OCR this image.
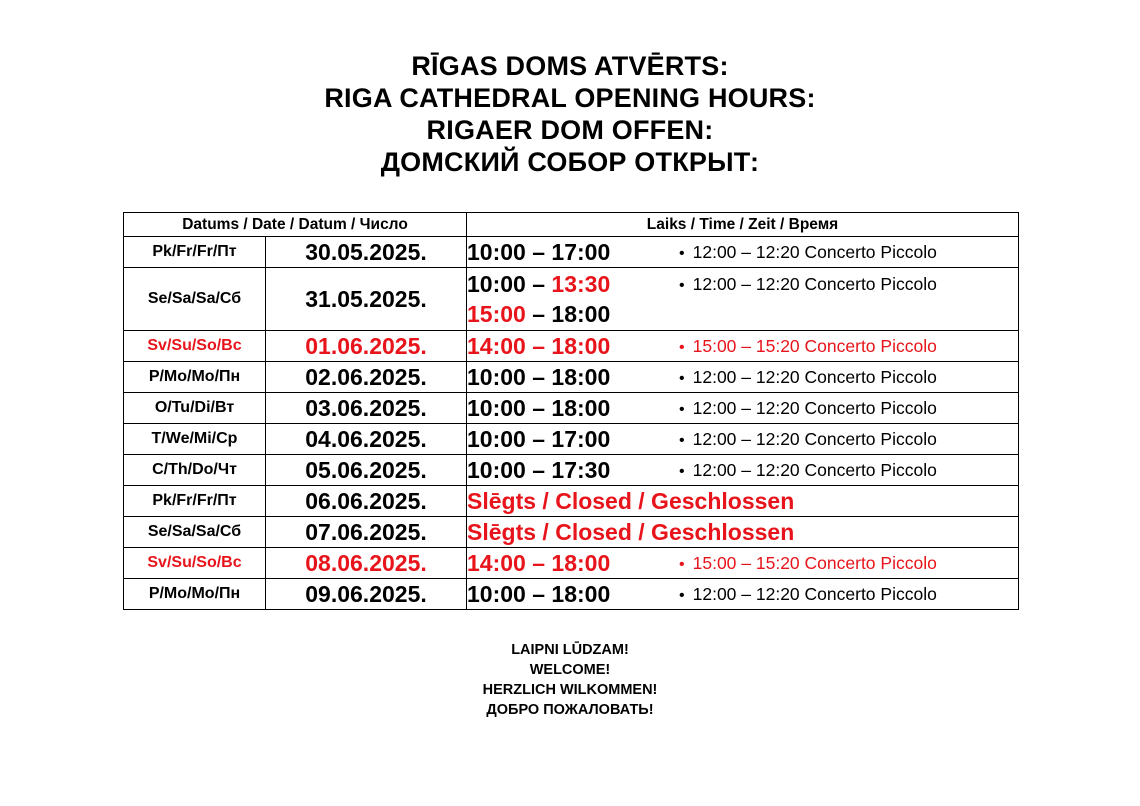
RĪGAS DOMS ATVĒRTS:
RIGA CATHEDRAL OPENING HOURS:
RIGAER DOM OFFEN:
ДОМСКИЙ СОБОР ОТКРЫТ:
Datums / Date / Datum / Число		Laiks / Time / Zeit / Время
Pk/Fr/Fr/Пт	30.05.2025.	10:00 – 17:00 • 12:00 – 12:20 Concerto Piccolo

Se/Sa/Sa/Сб	31.05.2025.	10:00 – 13:30 • 12:00 – 12:20 Concerto Piccolo
15:00 – 18:00

Sv/Su/So/Вс	01.06.2025.	14:00 – 18:00 • 15:00 – 15:20 Concerto Piccolo

P/Mo/Mo/Пн	02.06.2025.	10:00 – 18:00 • 12:00 – 12:20 Concerto Piccolo

O/Tu/Di/Вт	03.06.2025.	10:00 – 18:00 • 12:00 – 12:20 Concerto Piccolo

T/We/Mi/Ср	04.06.2025.	10:00 – 17:00 • 12:00 – 12:20 Concerto Piccolo

C/Th/Do/Чт	05.06.2025.	10:00 – 17:30 • 12:00 – 12:20 Concerto Piccolo

Pk/Fr/Fr/Пт	06.06.2025.	Slēgts / Closed / Geschlossen

Se/Sa/Sa/Сб	07.06.2025.	Slēgts / Closed / Geschlossen

Sv/Su/So/Вс	08.06.2025.	14:00 – 18:00 • 15:00 – 15:20 Concerto Piccolo

P/Mo/Mo/Пн	09.06.2025.	10:00 – 18:00 • 12:00 – 12:20 Concerto Piccolo
LAIPNI LŪDZAM!
WELCOME!
HERZLICH WILKOMMEN!
ДОБРО ПОЖАЛОВАТЬ!
